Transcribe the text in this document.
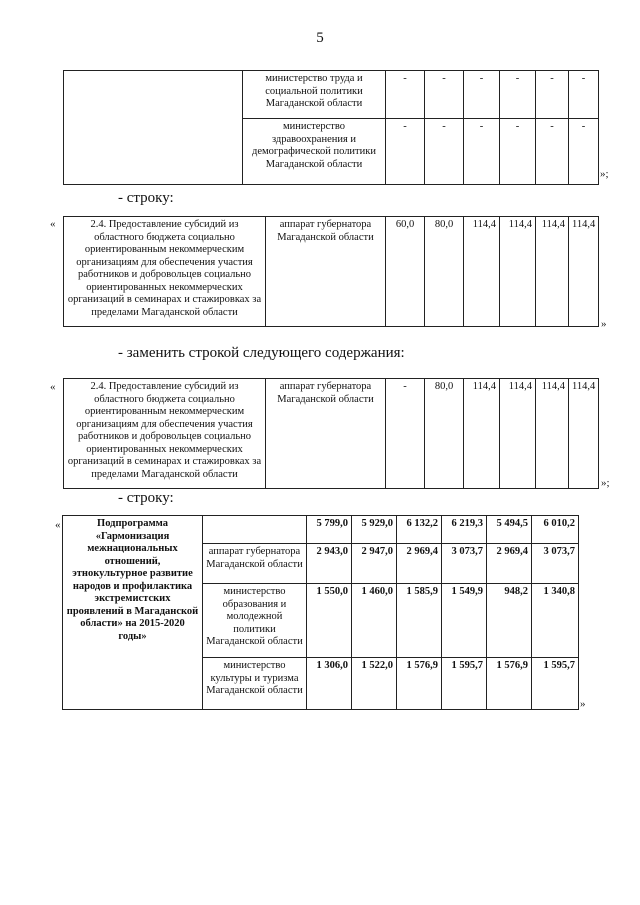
5
	министерство труда и социальной политики Магаданской области	-	-	-	-	-	-
	министерство здравоохранения и демографической политики Магаданской области	-	-	-	-	-	-
»;
- строку:
«	2.4. Предоставление субсидий из областного бюджета социально ориентированным некоммерческим организациям для обеспечения участия работников и добровольцев социально ориентированных некоммерческих организаций в семинарах и стажировках за пределами Магаданской области	аппарат губернатора Магаданской области	60,0	80,0	114,4	114,4	114,4	114,4
»
- заменить строкой следующего содержания:
«	2.4. Предоставление субсидий из областного бюджета социально ориентированным некоммерческим организациям для обеспечения участия работников и добровольцев социально ориентированных некоммерческих организаций в семинарах и стажировках за пределами Магаданской области	аппарат губернатора Магаданской области	-	80,0	114,4	114,4	114,4	114,4
»;
- строку:
«	Подпрограмма «Гармонизация межнациональных отношений, этнокультурное развитие народов и профилактика экстремистских проявлений в Магаданской области» на 2015-2020 годы»		5 799,0	5 929,0	6 132,2	6 219,3	5 494,5	6 010,2
	аппарат губернатора Магаданской области	2 943,0	2 947,0	2 969,4	3 073,7	2 969,4	3 073,7
	министерство образования и молодежной политики Магаданской области	1 550,0	1 460,0	1 585,9	1 549,9	948,2	1 340,8
	министерство культуры и туризма Магаданской области	1 306,0	1 522,0	1 576,9	1 595,7	1 576,9	1 595,7
»
